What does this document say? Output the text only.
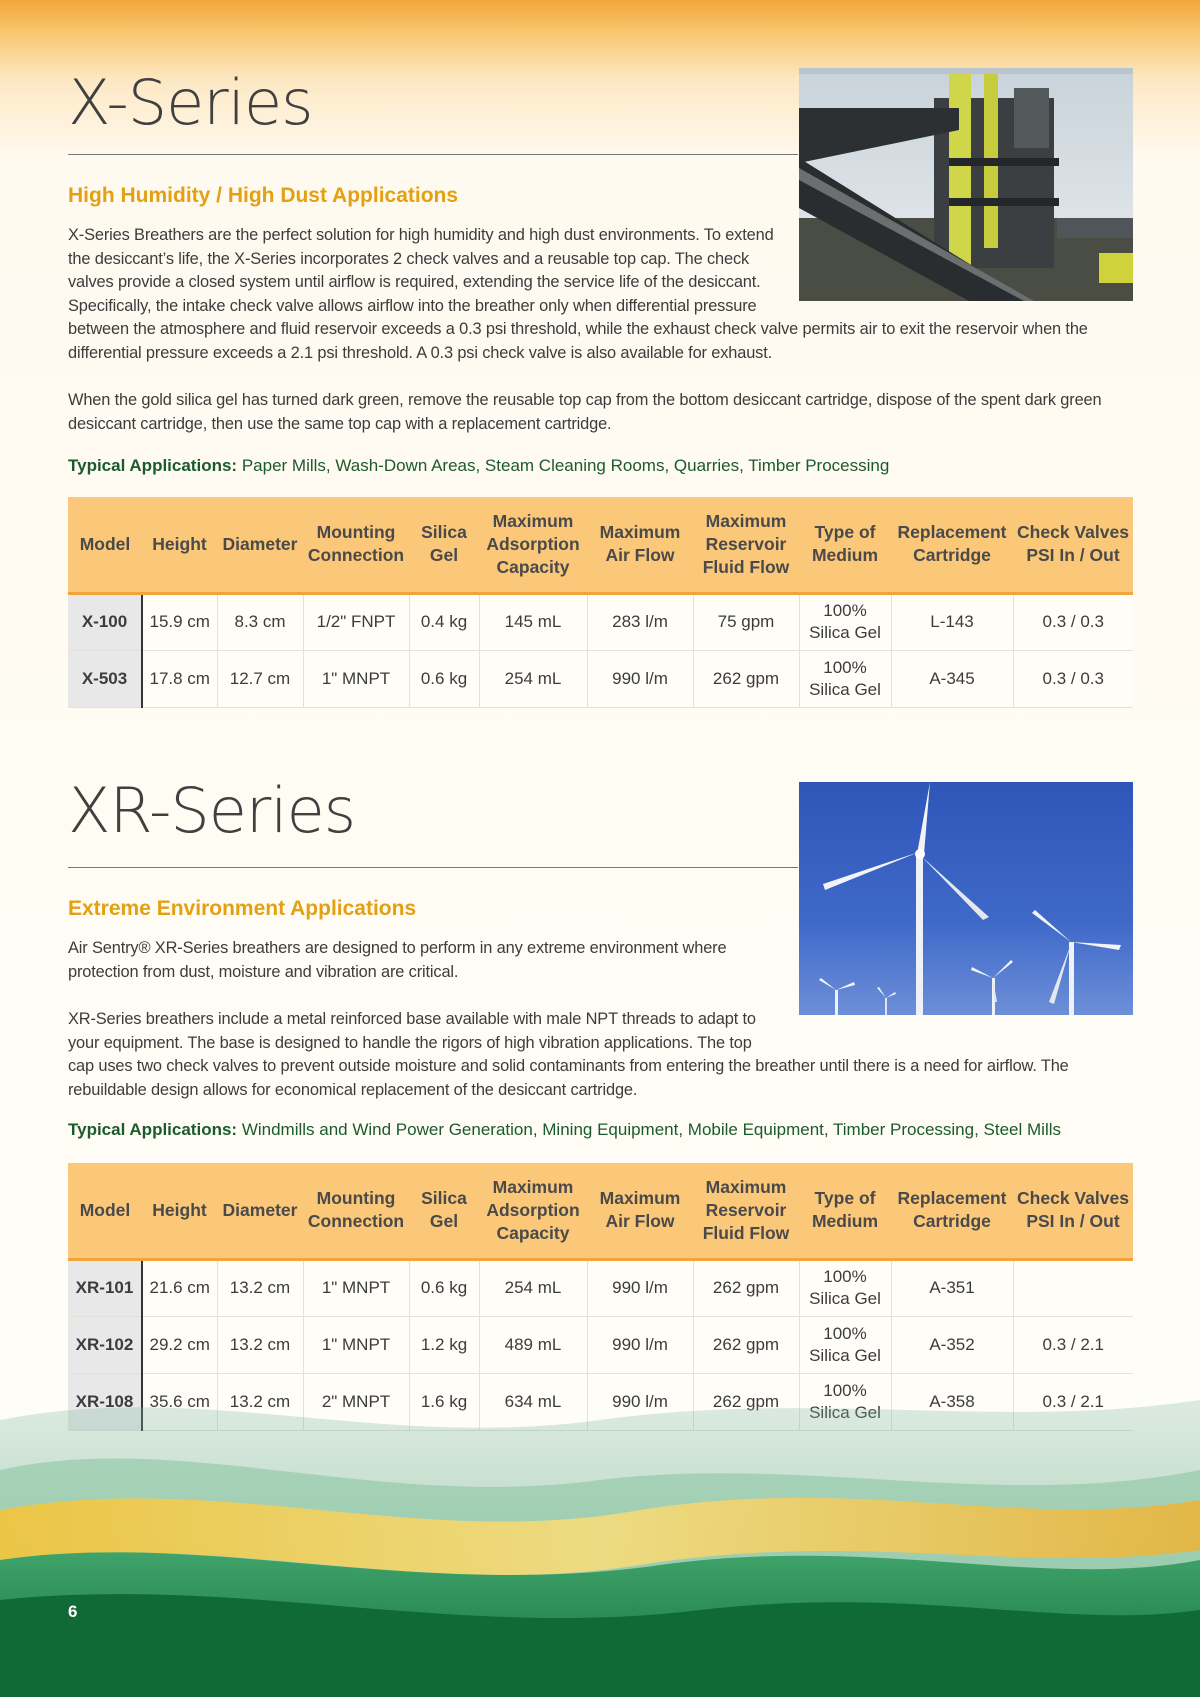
X-Series
High Humidity / High Dust Applications
X-Series Breathers are the perfect solution for high humidity and high dust environments. To extend
the desiccant’s life, the X-Series incorporates 2 check valves and a reusable top cap. The check
valves provide a closed system until airflow is required, extending the service life of the desiccant.
Specifically, the intake check valve allows airflow into the breather only when differential pressure
between the atmosphere and fluid reservoir exceeds a 0.3 psi threshold, while the exhaust check valve permits air to exit the reservoir when the
differential pressure exceeds a 2.1 psi threshold. A 0.3 psi check valve is also available for exhaust.
When the gold silica gel has turned dark green, remove the reusable top cap from the bottom desiccant cartridge, dispose of the spent dark green
desiccant cartridge, then use the same top cap with a replacement cartridge.
Typical Applications: Paper Mills, Wash-Down Areas, Steam Cleaning Rooms, Quarries, Timber Processing
Model	Height	Diameter	Mounting Connection	Silica Gel	Maximum Adsorption Capacity	Maximum Air Flow	Maximum Reservoir Fluid Flow	Type of Medium	Replacement Cartridge	Check Valves PSI In / Out
X-100	15.9 cm	8.3 cm	1/2" FNPT	0.4 kg	145 mL	283 l/m	75 gpm	100% Silica Gel	L-143	0.3 / 0.3
X-503	17.8 cm	12.7 cm	1" MNPT	0.6 kg	254 mL	990 l/m	262 gpm	100% Silica Gel	A-345	0.3 / 0.3
XR-Series
Extreme Environment Applications
Air Sentry® XR-Series breathers are designed to perform in any extreme environment where
protection from dust, moisture and vibration are critical.
XR-Series breathers include a metal reinforced base available with male NPT threads to adapt to
your equipment. The base is designed to handle the rigors of high vibration applications. The top
cap uses two check valves to prevent outside moisture and solid contaminants from entering the breather until there is a need for airflow. The
rebuildable design allows for economical replacement of the desiccant cartridge.
Typical Applications: Windmills and Wind Power Generation, Mining Equipment, Mobile Equipment, Timber Processing, Steel Mills
Model	Height	Diameter	Mounting Connection	Silica Gel	Maximum Adsorption Capacity	Maximum Air Flow	Maximum Reservoir Fluid Flow	Type of Medium	Replacement Cartridge	Check Valves PSI In / Out
XR-101	21.6 cm	13.2 cm	1" MNPT	0.6 kg	254 mL	990 l/m	262 gpm	100% Silica Gel	A-351	
XR-102	29.2 cm	13.2 cm	1" MNPT	1.2 kg	489 mL	990 l/m	262 gpm	100% Silica Gel	A-352	0.3 / 2.1
XR-108	35.6 cm	13.2 cm	2" MNPT	1.6 kg	634 mL	990 l/m	262 gpm	100%	A-358	0.3 / 2.1
6
